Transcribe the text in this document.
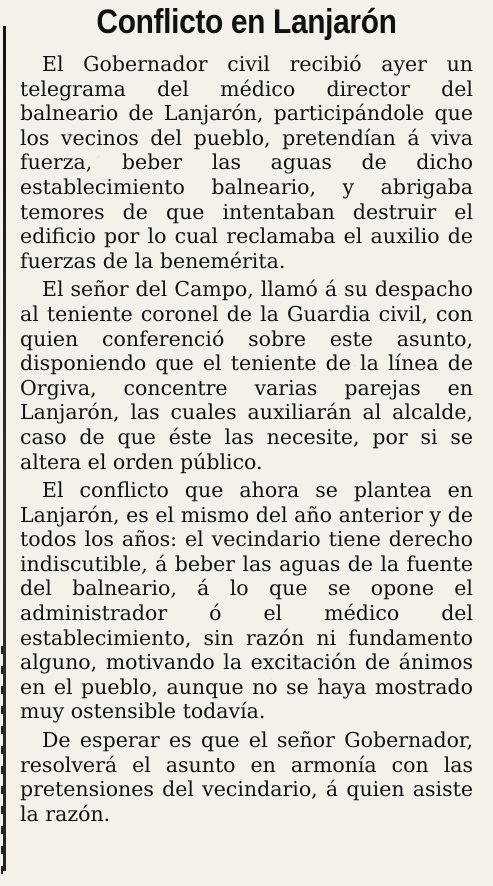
Conflicto en Lanjarón

El Gobernador civil recibió ayer un telegrama del médico director del balneario de Lanjarón, participándole que los vecinos del pueblo, pretendían á viva fuerza, beber las aguas de dicho establecimiento balneario, y abrigaba temores de que intentaban destruir el edificio por lo cual reclamaba el auxilio de fuerzas de la benemérita.

El señor del Campo, llamó á su despacho al teniente coronel de la Guardia civil, con quien conferenció sobre este asunto, disponiendo que el teniente de la línea de Orgiva, concentre varias parejas en Lanjarón, las cuales auxiliarán al alcalde, caso de que éste las necesite, por si se altera el orden público.

El conflicto que ahora se plantea en Lanjarón, es el mismo del año anterior y de todos los años: el vecindario tiene derecho indiscutible, á beber las aguas de la fuente del balneario, á lo que se opone el administrador ó el médico del establecimiento, sin razón ni fundamento alguno, motivando la excitación de ánimos en el pueblo, aunque no se haya mostrado muy ostensible todavía.

De esperar es que el señor Gobernador, resolverá el asunto en armonía con las pretensiones del vecindario, á quien asiste la razón.
